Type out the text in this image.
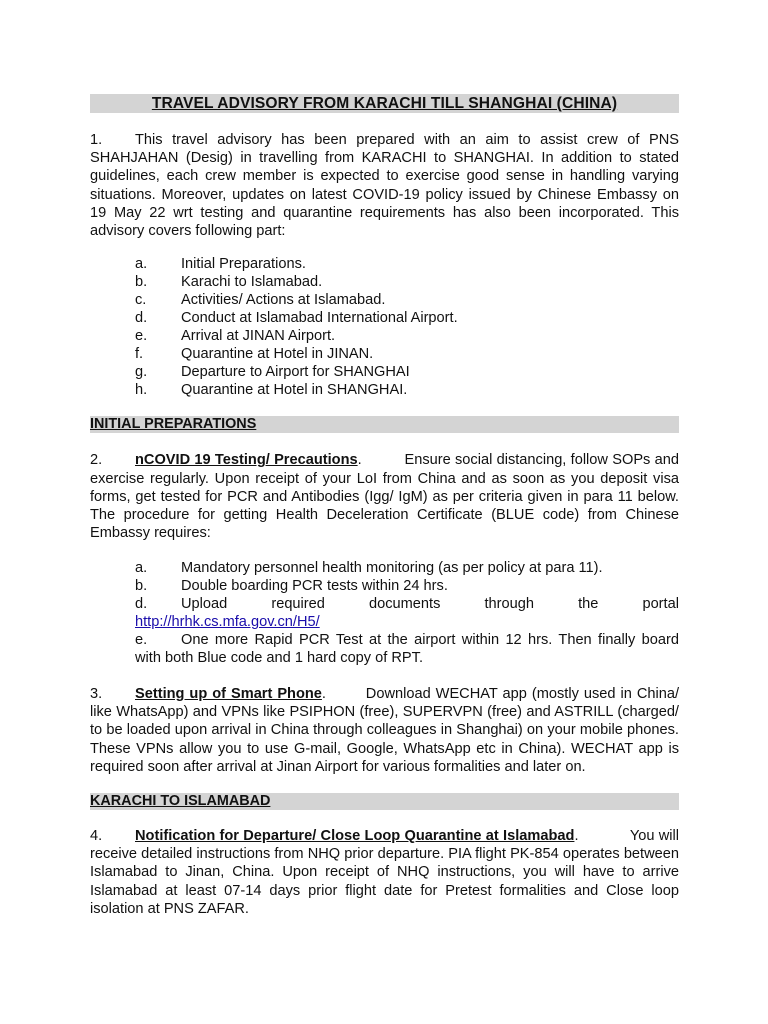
TRAVEL ADVISORY FROM KARACHI TILL SHANGHAI (CHINA)

1. This travel advisory has been prepared with an aim to assist crew of PNS SHAHJAHAN (Desig) in travelling from KARACHI to SHANGHAI. In addition to stated guidelines, each crew member is expected to exercise good sense in handling varying situations. Moreover, updates on latest COVID-19 policy issued by Chinese Embassy on 19 May 22 wrt testing and quarantine requirements has also been incorporated. This advisory covers following part:

a. Initial Preparations.
b. Karachi to Islamabad.
c. Activities/ Actions at Islamabad.
d. Conduct at Islamabad International Airport.
e. Arrival at JINAN Airport.
f.	Quarantine at Hotel in JINAN.
g. Departure to Airport for SHANGHAI
h. Quarantine at Hotel in SHANGHAI.
INITIAL PREPARATIONS

2. nCOVID 19 Testing/ Precautions.          Ensure social distancing, follow SOPs and exercise regularly. Upon receipt of your LoI from China and as soon as you deposit visa forms, get tested for PCR and Antibodies (Igg/ IgM) as per criteria given in para 11 below. The procedure for getting Health Deceleration Certificate (BLUE code) from Chinese Embassy requires:

a. Mandatory personnel health monitoring (as per policy at para 11).
b. Double boarding PCR tests within 24 hrs.
d.	Upload	required	documents	through	the	portal
http://hrhk.cs.mfa.gov.cn/H5/
e. One more Rapid PCR Test at the airport within 12 hrs. Then finally board with both Blue code and 1 hard copy of RPT.

3. Setting up of Smart Phone.        Download WECHAT app (mostly used in China/ like WhatsApp) and VPNs like PSIPHON (free), SUPERVPN (free) and ASTRILL (charged/ to be loaded upon arrival in China through colleagues in Shanghai) on your mobile phones. These VPNs allow you to use G-mail, Google, WhatsApp etc in China). WECHAT app is required soon after arrival at Jinan Airport for various formalities and later on.

KARACHI TO ISLAMABAD

4. Notification for Departure/ Close Loop Quarantine at Islamabad.            You will receive detailed instructions from NHQ prior departure. PIA flight PK-854 operates between Islamabad to Jinan, China. Upon receipt of NHQ instructions, you will have to arrive Islamabad at least 07-14 days prior flight date for Pretest formalities and Close loop isolation at PNS ZAFAR.
